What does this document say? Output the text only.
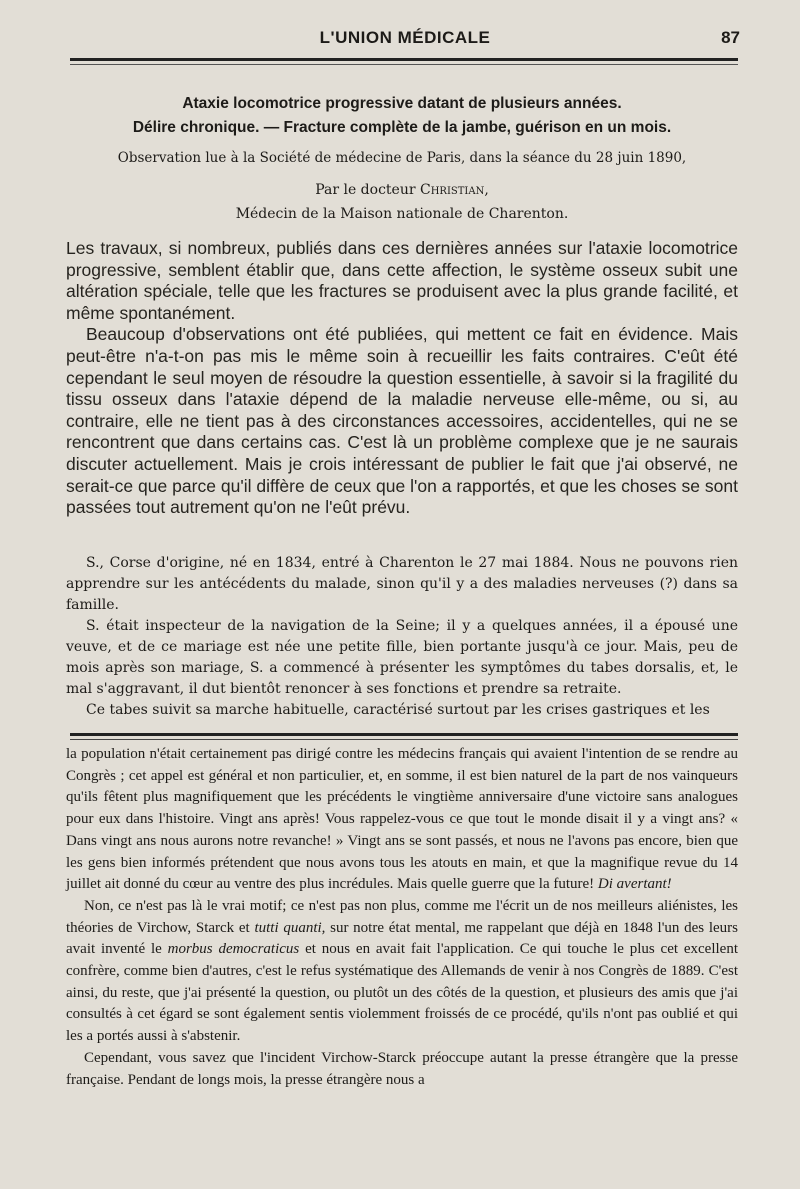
L'UNION MÉDICALE	87
Ataxie locomotrice progressive datant de plusieurs années.
Délire chronique. — Fracture complète de la jambe, guérison en un mois.
Observation lue à la Société de médecine de Paris, dans la séance du 28 juin 1890,
Par le docteur Christian,
Médecin de la Maison nationale de Charenton.

Les travaux, si nombreux, publiés dans ces dernières années sur l'ataxie locomotrice progressive, semblent établir que, dans cette affection, le système osseux subit une altération spéciale, telle que les fractures se produisent avec la plus grande facilité, et même spontanément.

Beaucoup d'observations ont été publiées, qui mettent ce fait en évidence. Mais peut-être n'a-t-on pas mis le même soin à recueillir les faits contraires. C'eût été cependant le seul moyen de résoudre la question essentielle, à savoir si la fragilité du tissu osseux dans l'ataxie dépend de la maladie nerveuse elle-même, ou si, au contraire, elle ne tient pas à des circonstances accessoires, accidentelles, qui ne se rencontrent que dans certains cas. C'est là un problème complexe que je ne saurais discuter actuellement. Mais je crois intéressant de publier le fait que j'ai observé, ne serait-ce que parce qu'il diffère de ceux que l'on a rapportés, et que les choses se sont passées tout autrement qu'on ne l'eût prévu.

S., Corse d'origine, né en 1834, entré à Charenton le 27 mai 1884. Nous ne pouvons rien apprendre sur les antécédents du malade, sinon qu'il y a des maladies nerveuses (?) dans sa famille.

S. était inspecteur de la navigation de la Seine; il y a quelques années, il a épousé une veuve, et de ce mariage est née une petite fille, bien portante jusqu'à ce jour. Mais, peu de mois après son mariage, S. a commencé à présenter les symptômes du tabes dorsalis, et, le mal s'aggravant, il dut bientôt renoncer à ses fonctions et prendre sa retraite.

Ce tabes suivit sa marche habituelle, caractérisé surtout par les crises gastriques et les

la population n'était certainement pas dirigé contre les médecins français qui avaient l'intention de se rendre au Congrès ; cet appel est général et non particulier, et, en somme, il est bien naturel de la part de nos vainqueurs qu'ils fêtent plus magnifiquement que les précédents le vingtième anniversaire d'une victoire sans analogues pour eux dans l'histoire. Vingt ans après! Vous rappelez-vous ce que tout le monde disait il y a vingt ans? « Dans vingt ans nous aurons notre revanche! » Vingt ans se sont passés, et nous ne l'avons pas encore, bien que les gens bien informés prétendent que nous avons tous les atouts en main, et que la magnifique revue du 14 juillet ait donné du cœur au ventre des plus incrédules. Mais quelle guerre que la future! Di avertant!

Non, ce n'est pas là le vrai motif; ce n'est pas non plus, comme me l'écrit un de nos meilleurs aliénistes, les théories de Virchow, Starck et tutti quanti, sur notre état mental, me rappelant que déjà en 1848 l'un des leurs avait inventé le morbus democraticus et nous en avait fait l'application. Ce qui touche le plus cet excellent confrère, comme bien d'autres, c'est le refus systématique des Allemands de venir à nos Congrès de 1889. C'est ainsi, du reste, que j'ai présenté la question, ou plutôt un des côtés de la question, et plusieurs des amis que j'ai consultés à cet égard se sont également sentis violemment froissés de ce procédé, qu'ils n'ont pas oublié et qui les a portés aussi à s'abstenir.

Cependant, vous savez que l'incident Virchow-Starck préoccupe autant la presse étrangère que la presse française. Pendant de longs mois, la presse étrangère nous a
